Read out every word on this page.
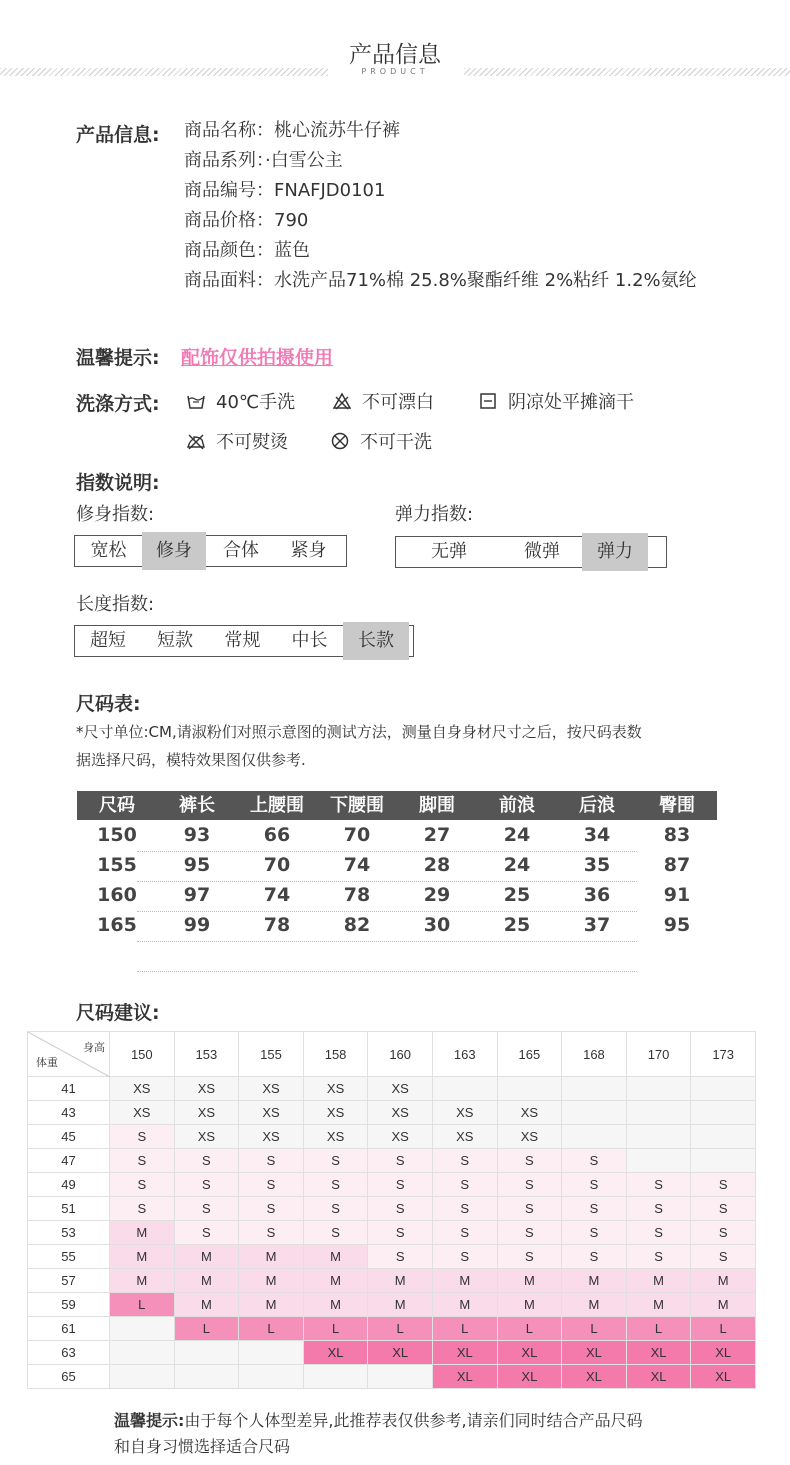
产品信息
PRODUCT
产品信息: 商品名称：桃心流苏牛仔裤
商品系列：·白雪公主
商品编号：FNAFJD0101
商品价格：790
商品颜色：蓝色
商品面料：水洗产品71%棉 25.8%聚酯纤维 2%粘纤 1.2%氨纶
温馨提示: 配饰仅供拍摄使用
洗涤方式:	40℃手洗	不可漂白	阴凉处平摊滴干
不可熨烫	不可干洗
指数说明:
修身指数:
宽松	修身	合体	紧身
弹力指数:
无弹	微弹	弹力
长度指数:
超短	短款	常规	中长	长款
尺码表:
*尺寸单位:CM,请淑粉们对照示意图的测试方法，测量自身身材尺寸之后，按尺码表数
据选择尺码，模特效果图仅供参考.
尺码	裤长	上腰围	下腰围	脚围	前浪	后浪	臀围
150	93	66	70	27	24	34	83
155	95	70	74	28	24	35	87
160	97	74	78	29	25	36	91
165	99	78	82	30	25	37	95
尺码建议:
身高
体重	150	153	155	158	160	163	165	168	170	173
41	XS	XS	XS	XS	XS					
43	XS	XS	XS	XS	XS	XS	XS			
45	S	XS	XS	XS	XS	XS	XS			
47	S	S	S	S	S	S	S	S		
49	S	S	S	S	S	S	S	S	S	S
51	S	S	S	S	S	S	S	S	S	S
53	M	S	S	S	S	S	S	S	S	S
55	M	M	M	M	S	S	S	S	S	S
57	M	M	M	M	M	M	M	M	M	M
59	L	M	M	M	M	M	M	M	M	M
61		L	L	L	L	L	L	L	L	L
63				XL	XL	XL	XL	XL	XL	XL
65						XL	XL	XL	XL	XL
温馨提示:由于每个人体型差异,此推荐表仅供参考,请亲们同时结合产品尺码
和自身习惯选择适合尺码
